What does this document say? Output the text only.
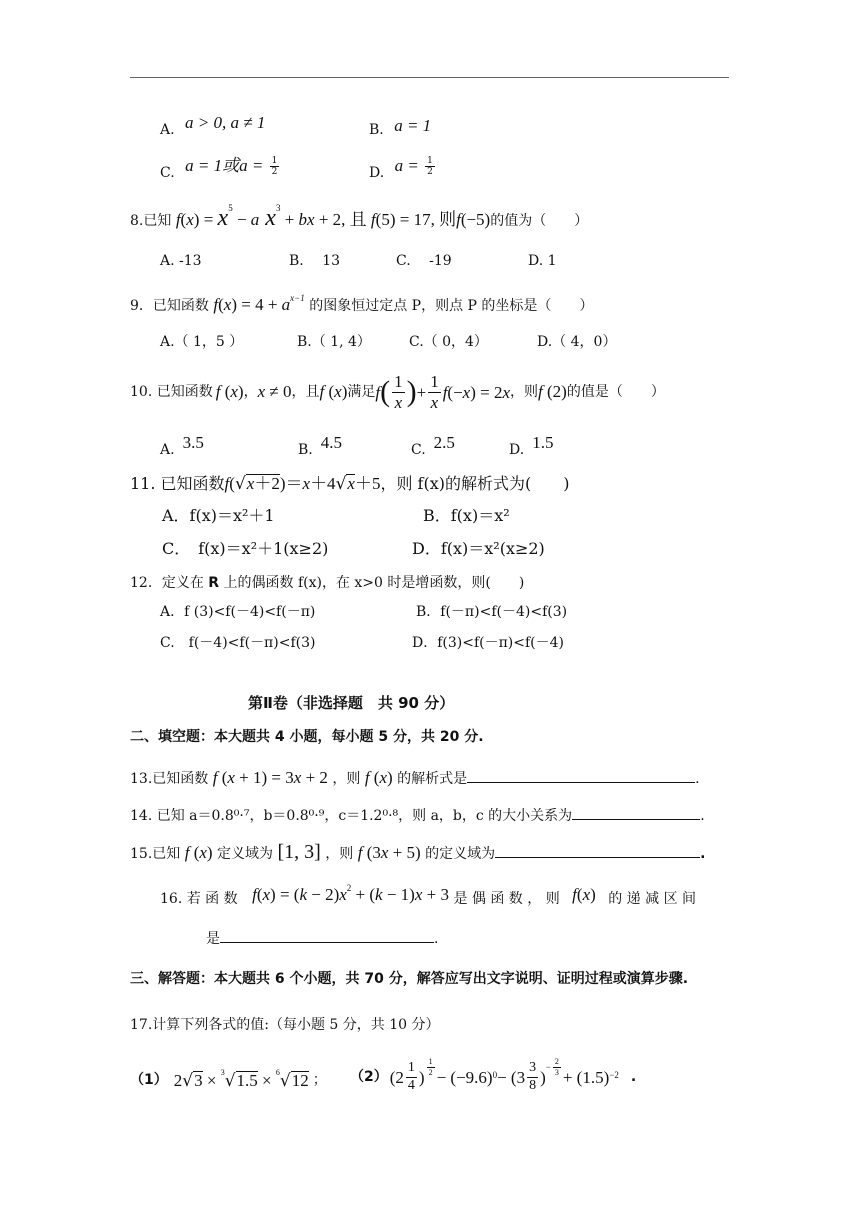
A. a > 0, a ≠ 1	B. a = 1
C. a = 1或$a = \frac{1}{2}$	D. $a = \frac{1}{2}$
8.已知 $f(x) = x^5 - a$ $x^3$ + bx + 2, 且 f(5) = 17, 则f(−5)的值为（　　）
A. -13	B.　 13	C.　 -19	D. 1
9．已知函数 $f(x) = 4 + a^{x-1}$ 的图象恒过定点 P，则点 P 的坐标是（　　）
A.（ 1，5 ）	B.（ 1, 4）	C.（ 0，4）	D.（ 4，0）
10. 已知函数 f (x) ， x ≠ 0 ，且 f (x) 满足 f ( $\frac{1}{x}$ ) + $\frac{1}{x}$ f (− x ) = 2 x ，则 f (2) 的值是（　　）
A. 3.5	B. 4.5	C. 2.5	D. 1.5
11. 已知函数f(√x＋2)＝x＋4√x＋5，则 f(x)的解析式为(　　)
A．f(x)＝x²＋1	B．f(x)＝x²
C．　f(x)＝x²＋1(x≥2)	D．f(x)＝x²(x≥2)
12．定义在 R 上的偶函数 f(x)，在 x>0 时是增函数，则(　　)
A．f (3)<f(－4)<f(－π)	B．f(－π)<f(－4)<f(3)
C.　f(－4)<f(－π)<f(3)	D．f(3)<f(－π)<f(－4)
第Ⅱ卷（非选择题　共 90 分）
二、填空题：本大题共 4 小题，每小题 5 分，共 20 分.
13.已知函数 f (x + 1) = 3x + 2 ，则 f (x) 的解析式是	.
14. 已知 a＝0.8⁰·⁷，b＝0.8⁰·⁹，c＝1.2⁰·⁸，则 a，b，c 的大小关系为	.
15.已知 f (x) 定义域为 [1, 3] ，则 f (3x + 5) 的定义域为	.
16. 若 函 数 $f(x) = (k - 2)x^2 + (k - 1)x + 3$ 是 偶 函 数 ， 则 f(x) 的 递 减 区 间
是	.
三、解答题：本大题共 6 个小题，共 70 分，解答应写出文字说明、证明过程或演算步骤.
17.计算下列各式的值:（每小题 5 分，共 10 分）
（1） 2√3 × $^3$√1.5 × $^6$√12 ； （2） ($2 \frac{1}{4}$ )
$^{\frac{1}{2}}$
− $(-9.6)^0 - (3 \frac{3}{8}$ )
$^{- \frac{2}{3}}$
+ $(1.5)^{-2}$ .
